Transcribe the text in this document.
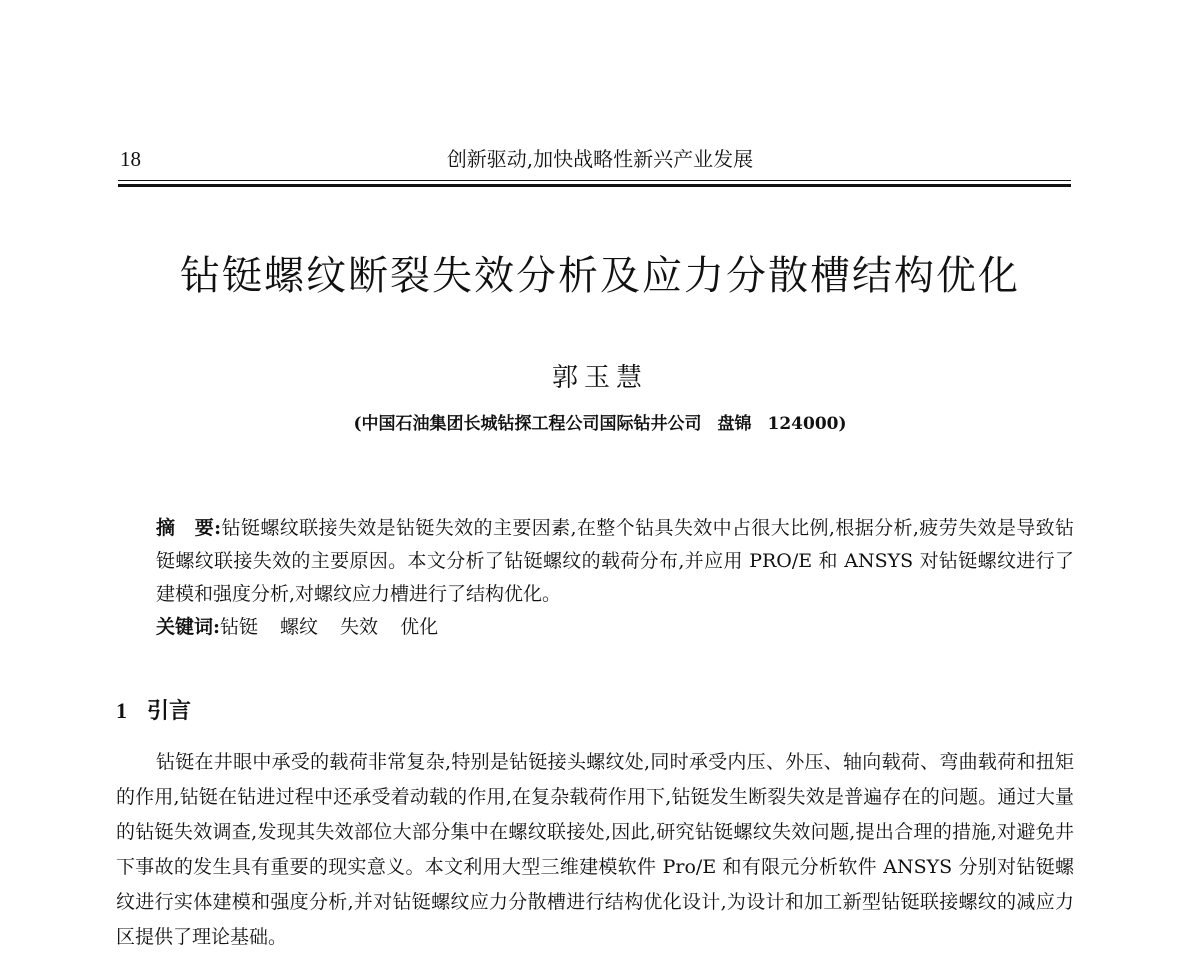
18	创新驱动,加快战略性新兴产业发展
钻铤螺纹断裂失效分析及应力分散槽结构优化
郭玉慧
(中国石油集团长城钻探工程公司国际钻井公司 盘锦 124000)
摘　要:钻铤螺纹联接失效是钻铤失效的主要因素,在整个钻具失效中占很大比例,根据分析,疲劳失效是导致钻铤螺纹联接失效的主要原因。本文分析了钻铤螺纹的载荷分布,并应用 PRO/E 和 ANSYS 对钻铤螺纹进行了建模和强度分析,对螺纹应力槽进行了结构优化。
关键词:钻铤 螺纹 失效 优化
1 引言

钻铤在井眼中承受的载荷非常复杂,特别是钻铤接头螺纹处,同时承受内压、外压、轴向载荷、弯曲载荷和扭矩的作用,钻铤在钻进过程中还承受着动载的作用,在复杂载荷作用下,钻铤发生断裂失效是普遍存在的问题。通过大量的钻铤失效调查,发现其失效部位大部分集中在螺纹联接处,因此,研究钻铤螺纹失效问题,提出合理的措施,对避免井下事故的发生具有重要的现实意义。本文利用大型三维建模软件 Pro/E 和有限元分析软件 ANSYS 分别对钻铤螺纹进行实体建模和强度分析,并对钻铤螺纹应力分散槽进行结构优化设计,为设计和加工新型钻铤联接螺纹的减应力区提供了理论基础。
